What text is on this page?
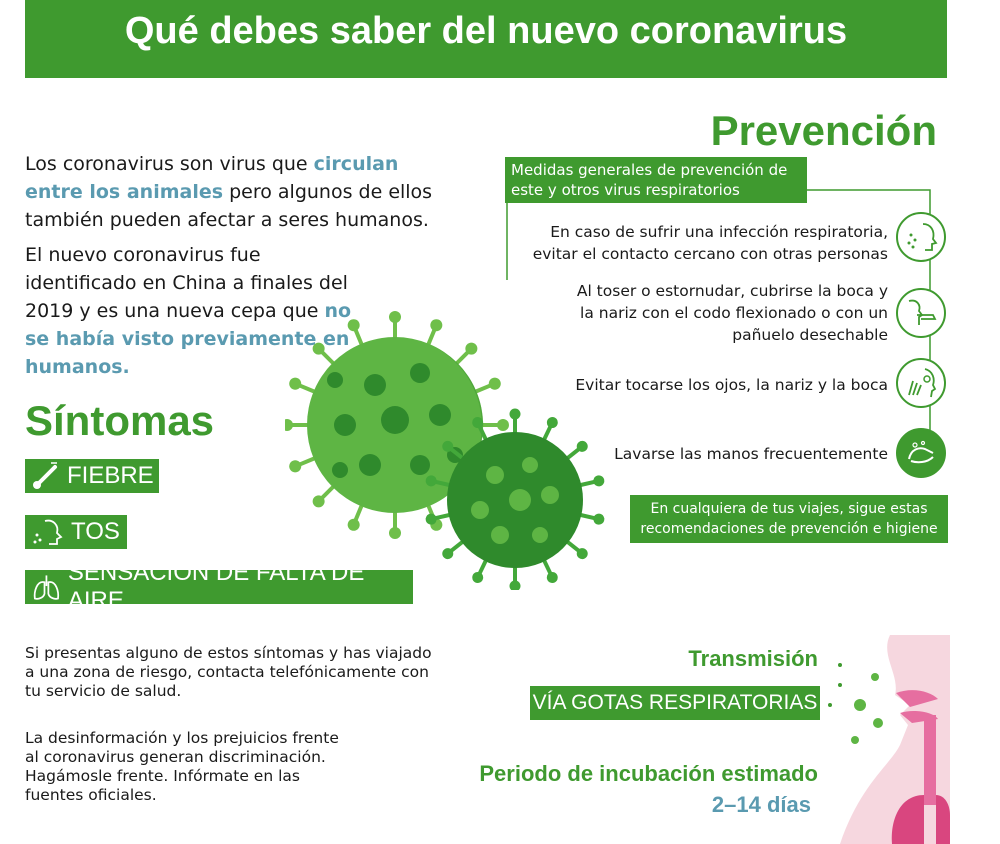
Qué debes saber del nuevo coronavirus
Los coronavirus son virus que circulan entre los animales pero algunos de ellos también pueden afectar a seres humanos.
El nuevo coronavirus fue identificado en China a finales del 2019 y es una nueva cepa que no se había visto previamente en humanos.
Síntomas
FIEBRE
TOS
SENSACIÓN DE FALTA DE AIRE
Si presentas alguno de estos síntomas y has viajado a una zona de riesgo, contacta telefónicamente con tu servicio de salud.
La desinformación y los prejuicios frente al coronavirus generan discriminación. Hagámosle frente. Infórmate en las fuentes oficiales.
Prevención
Medidas generales de prevención de este y otros virus respiratorios
En caso de sufrir una infección respiratoria, evitar el contacto cercano con otras personas
Al toser o estornudar, cubrirse la boca y la nariz con el codo flexionado o con un pañuelo desechable
Evitar tocarse los ojos, la nariz y la boca
Lavarse las manos frecuentemente
En cualquiera de tus viajes, sigue estas recomendaciones de prevención e higiene
Transmisión
VÍA GOTAS RESPIRATORIAS
Periodo de incubación estimado
2–14 días
